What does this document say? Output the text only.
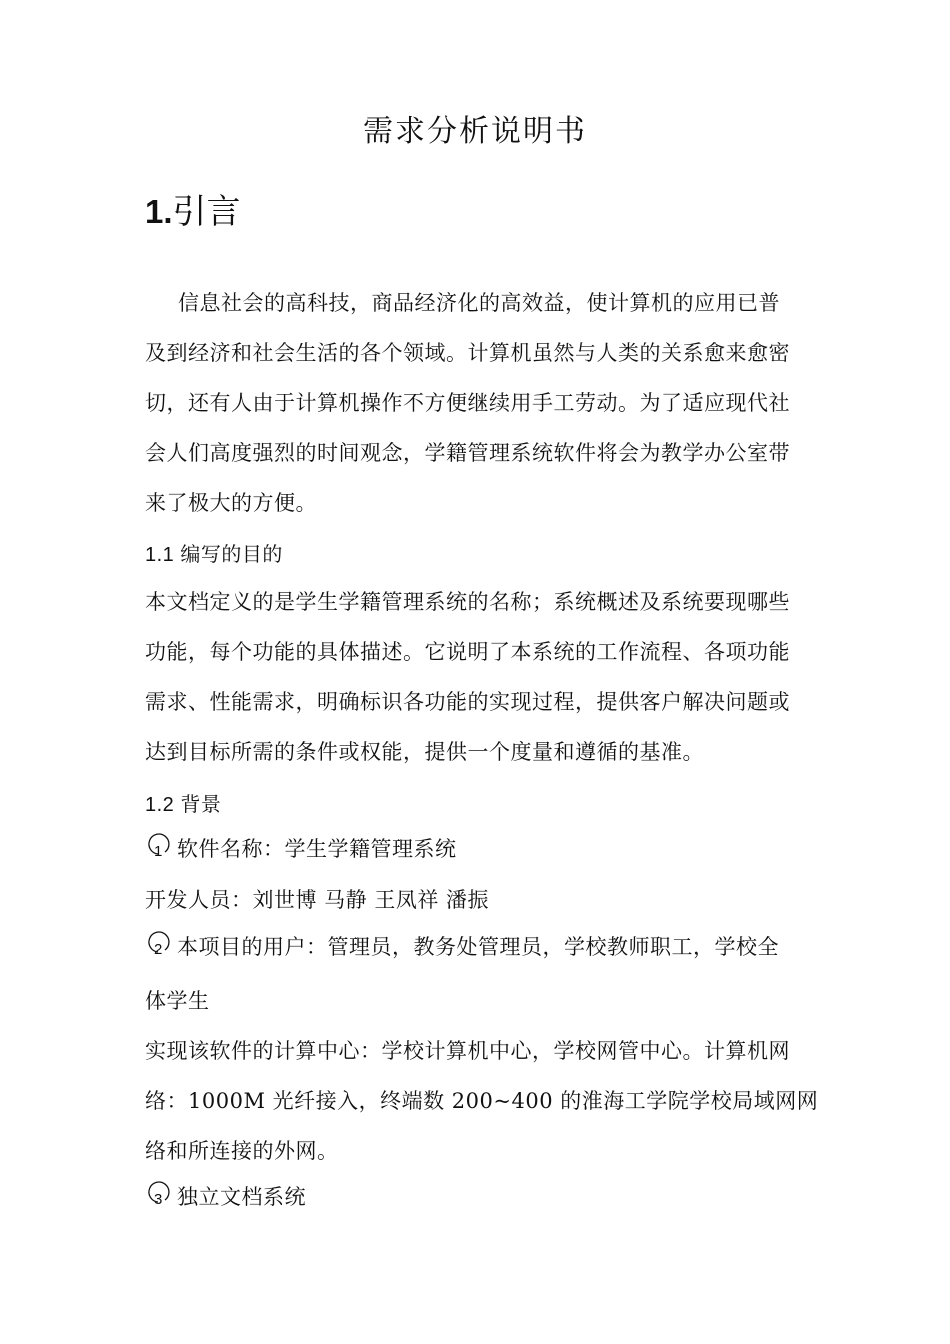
需求分析说明书
1.引言
信息社会的高科技，商品经济化的高效益，使计算机的应用已普
及到经济和社会生活的各个领域。计算机虽然与人类的关系愈来愈密
切，还有人由于计算机操作不方便继续用手工劳动。为了适应现代社
会人们高度强烈的时间观念，学籍管理系统软件将会为教学办公室带
来了极大的方便。
1.1 编写的目的
本文档定义的是学生学籍管理系统的名称；系统概述及系统要现哪些
功能，每个功能的具体描述。它说明了本系统的工作流程、各项功能
需求、性能需求，明确标识各功能的实现过程，提供客户解决问题或
达到目标所需的条件或权能，提供一个度量和遵循的基准。
1.2 背景
1 软件名称：学生学籍管理系统
开发人员：刘世博 马静 王凤祥 潘振
2 本项目的用户：管理员，教务处管理员，学校教师职工，学校全
体学生
实现该软件的计算中心：学校计算机中心，学校网管中心。计算机网
络：1000M 光纤接入，终端数 200~400 的淮海工学院学校局域网网
络和所连接的外网。
3 独立文档系统
